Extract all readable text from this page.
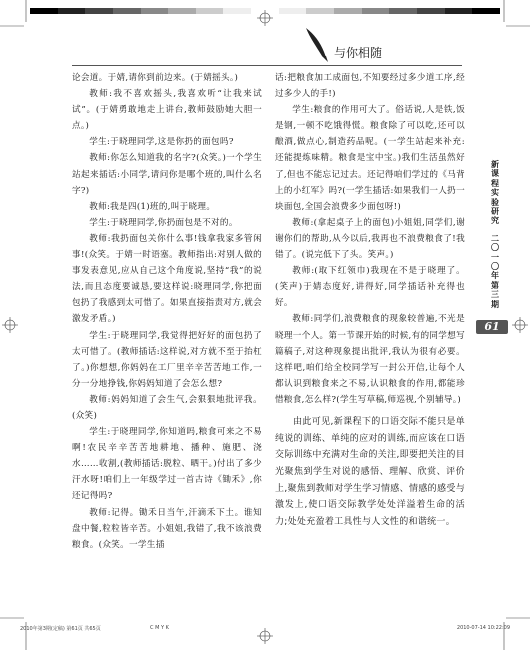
与你相随

论会道。于婧,请你到前边来。(于婧摇头。)

教师:我不喜欢摇头,我喜欢听“让我来试试”。(于婧勇敢地走上讲台,教师鼓励她大胆一点。)

学生:于晓理同学,这是你扔的面包吗?

教师:你怎么知道我的名字?(众笑。)一个学生站起来插话:小同学,请问你是哪个班的,叫什么名字?)

教师:我是四(1)班的,叫于晓理。

学生:于晓理同学,你扔面包是不对的。

教师:我扔面包关你什么事!钱拿我家多管闲事!(众笑。于婧一时语塞。教师指出:对别人做的事发表意见,应从自己这个角度说,坚持“我”的说法,而且态度要诚恳,要这样说:晓理同学,你把面包扔了我感到太可惜了。如果直接指责对方,就会激发矛盾。)

学生:于晓理同学,我觉得把好好的面包扔了太可惜了。(教师插话:这样说,对方就不至于抬杠了。)你想想,你妈妈在工厂里辛辛苦苦地工作,一分一分地挣钱,你妈妈知道了会怎么想?

教师:妈妈知道了会生气,会狠狠地批评我。(众笑)

学生:于晓理同学,你知道吗,粮食可来之不易啊!农民辛辛苦苦地耕地、播种、施肥、浇水……收割,(教师插话:脱粒、晒干。)付出了多少汗水呀!咱们上一年级学过一首古诗《锄禾》,你还记得吗?

教师:记得。锄禾日当午,汗滴禾下土。谁知盘中餐,粒粒皆辛苦。小姐姐,我错了,我不该浪费粮食。(众笑。一学生插

话:把粮食加工成面包,不知要经过多少道工序,经过多少人的手!)

学生:粮食的作用可大了。俗话说,人是铁,饭是钢,一顿不吃饿得慌。粮食除了可以吃,还可以酿酒,做点心,制造药品呢。(一学生站起来补充:还能提炼味精。粮食是宝中宝。)我们生活虽然好了,但也不能忘记过去。还记得咱们学过的《马背上的小红军》吗?(一学生插话:如果我们一人扔一块面包,全国会浪费多少面包呀!)

教师:(拿起桌子上的面包)小姐姐,同学们,谢谢你们的帮助,从今以后,我再也不浪费粮食了!我错了。(说完低下了头。笑声。)

教师:(取下红领巾)我现在不是于晓理了。(笑声)于婧态度好,讲得好,同学插话补充得也好。

教师:同学们,浪费粮食的现象较普遍,不光是晓理一个人。第一节课开始的时候,有的同学想写篇稿子,对这种现象提出批评,我认为很有必要。这样吧,咱们给全校同学写一封公开信,让每个人都认识到粮食来之不易,认识粮食的作用,都能珍惜粮食,怎么样?(学生写草稿,师巡视,个别辅导。)

由此可见,新课程下的口语交际不能只是单纯说的训练、单纯的应对的训练,而应该在口语交际训练中充满对生命的关注,即要把关注的目光聚焦到学生对说的感悟、理解、欣赏、评价上,聚焦到教师对学生学习情感、情感的感受与激发上,使口语交际教学处处洋溢着生命的活力;处处充盈着工具性与人文性的和谐统一。

新
课
程
实
验
研
究
二
〇
一
〇
年
第
三
期
61
2010年第3期(定稿) 第61页 共65页	C M Y K	2010-07-14 10:22:09
